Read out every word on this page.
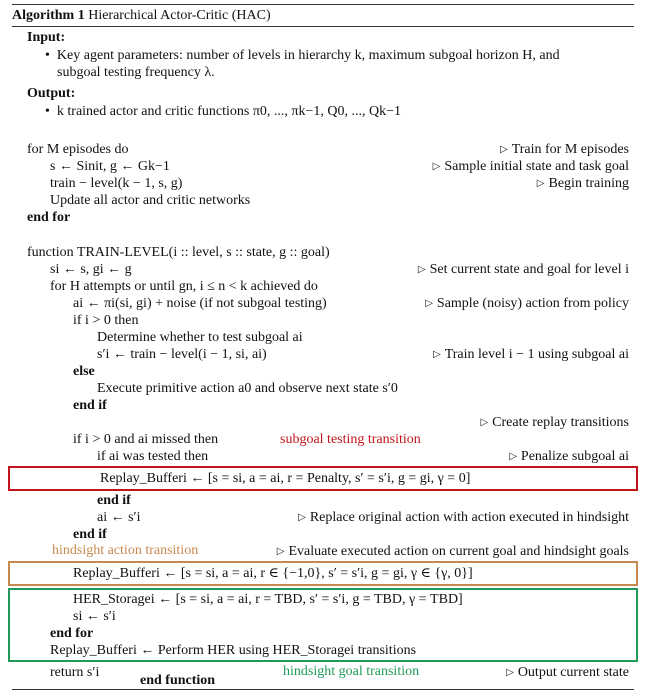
Algorithm 1 Hierarchical Actor-Critic (HAC)
Input:
•  Key agent parameters: number of levels in hierarchy k, maximum subgoal horizon H, and
subgoal testing frequency λ.
Output:
•  k trained actor and critic functions π0, ..., πk−1, Q0, ..., Qk−1
for M episodes do	▷ Train for M episodes
s ← Sinit, g ← Gk−1	▷ Sample initial state and task goal
train − level(k − 1, s, g)	▷ Begin training
Update all actor and critic networks
end for
function TRAIN-LEVEL(i :: level, s :: state, g :: goal)
si ← s, gi ← g	▷ Set current state and goal for level i
for H attempts or until gn, i ≤ n < k achieved do
ai ← πi(si, gi) + noise (if not subgoal testing)	▷ Sample (noisy) action from policy
if i > 0 then
Determine whether to test subgoal ai
s′i ← train − level(i − 1, si, ai)	▷ Train level i − 1 using subgoal ai
else
Execute primitive action a0 and observe next state s′0
end if
▷ Create replay transitions
if i > 0 and ai missed then	subgoal testing transition
if ai was tested then	▷ Penalize subgoal ai
Replay_Bufferi ← [s = si, a = ai, r = Penalty, s′ = s′i, g = gi, γ = 0]
end if
ai ← s′i	▷ Replace original action with action executed in hindsight
end if
hindsight action transition	▷ Evaluate executed action on current goal and hindsight goals
Replay_Bufferi ← [s = si, a = ai, r ∈ {−1,0}, s′ = s′i, g = gi, γ ∈ {γ, 0}]
HER_Storagei ← [s = si, a = ai, r = TBD, s′ = s′i, g = TBD, γ = TBD]
si ← s′i
end for
Replay_Bufferi ← Perform HER using HER_Storagei transitions
return s′i	hindsight goal transition	▷ Output current state
end function
